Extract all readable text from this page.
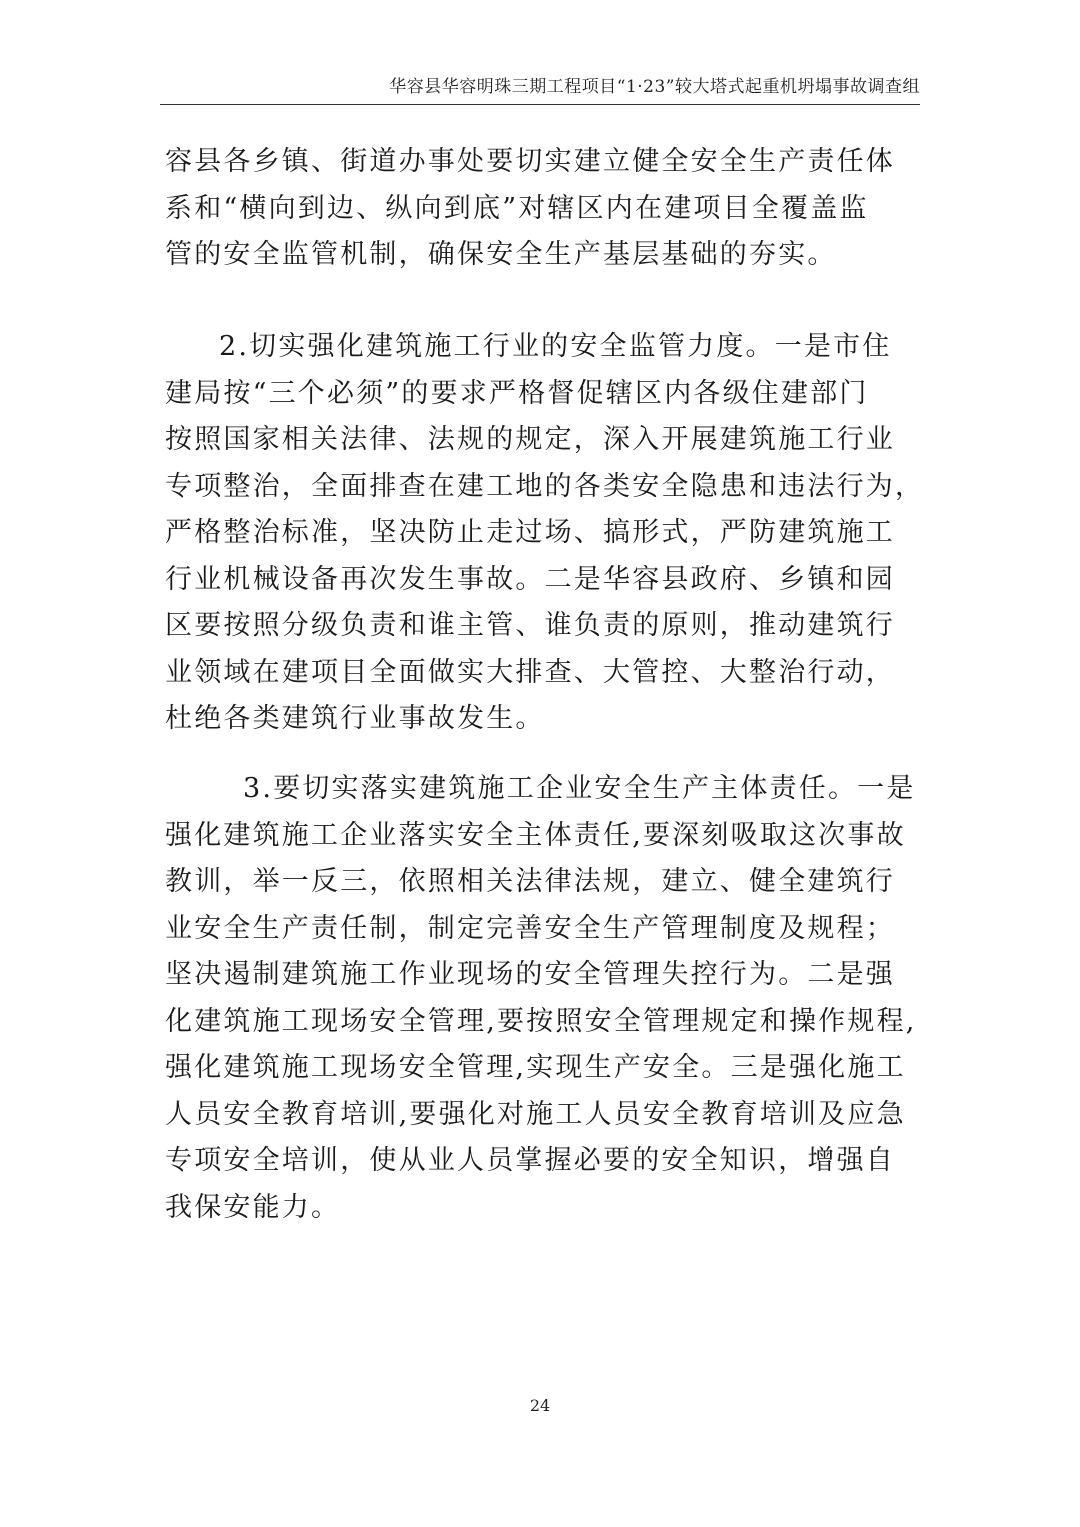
华容县华容明珠三期工程项目“1·23”较大塔式起重机坍塌事故调查组
容县各乡镇、街道办事处要切实建立健全安全生产责任体
系和“横向到边、纵向到底”对辖区内在建项目全覆盖监
管的安全监管机制，确保安全生产基层基础的夯实。
2.切实强化建筑施工行业的安全监管力度。一是市住
建局按“三个必须”的要求严格督促辖区内各级住建部门
按照国家相关法律、法规的规定，深入开展建筑施工行业
专项整治，全面排查在建工地的各类安全隐患和违法行为，
严格整治标准，坚决防止走过场、搞形式，严防建筑施工
行业机械设备再次发生事故。二是华容县政府、乡镇和园
区要按照分级负责和谁主管、谁负责的原则，推动建筑行
业领域在建项目全面做实大排查、大管控、大整治行动，
杜绝各类建筑行业事故发生。
3.要切实落实建筑施工企业安全生产主体责任。一是
强化建筑施工企业落实安全主体责任,要深刻吸取这次事故
教训，举一反三，依照相关法律法规，建立、健全建筑行
业安全生产责任制，制定完善安全生产管理制度及规程；
坚决遏制建筑施工作业现场的安全管理失控行为。二是强
化建筑施工现场安全管理,要按照安全管理规定和操作规程,
强化建筑施工现场安全管理,实现生产安全。三是强化施工
人员安全教育培训,要强化对施工人员安全教育培训及应急
专项安全培训，使从业人员掌握必要的安全知识，增强自
我保安能力。
24
